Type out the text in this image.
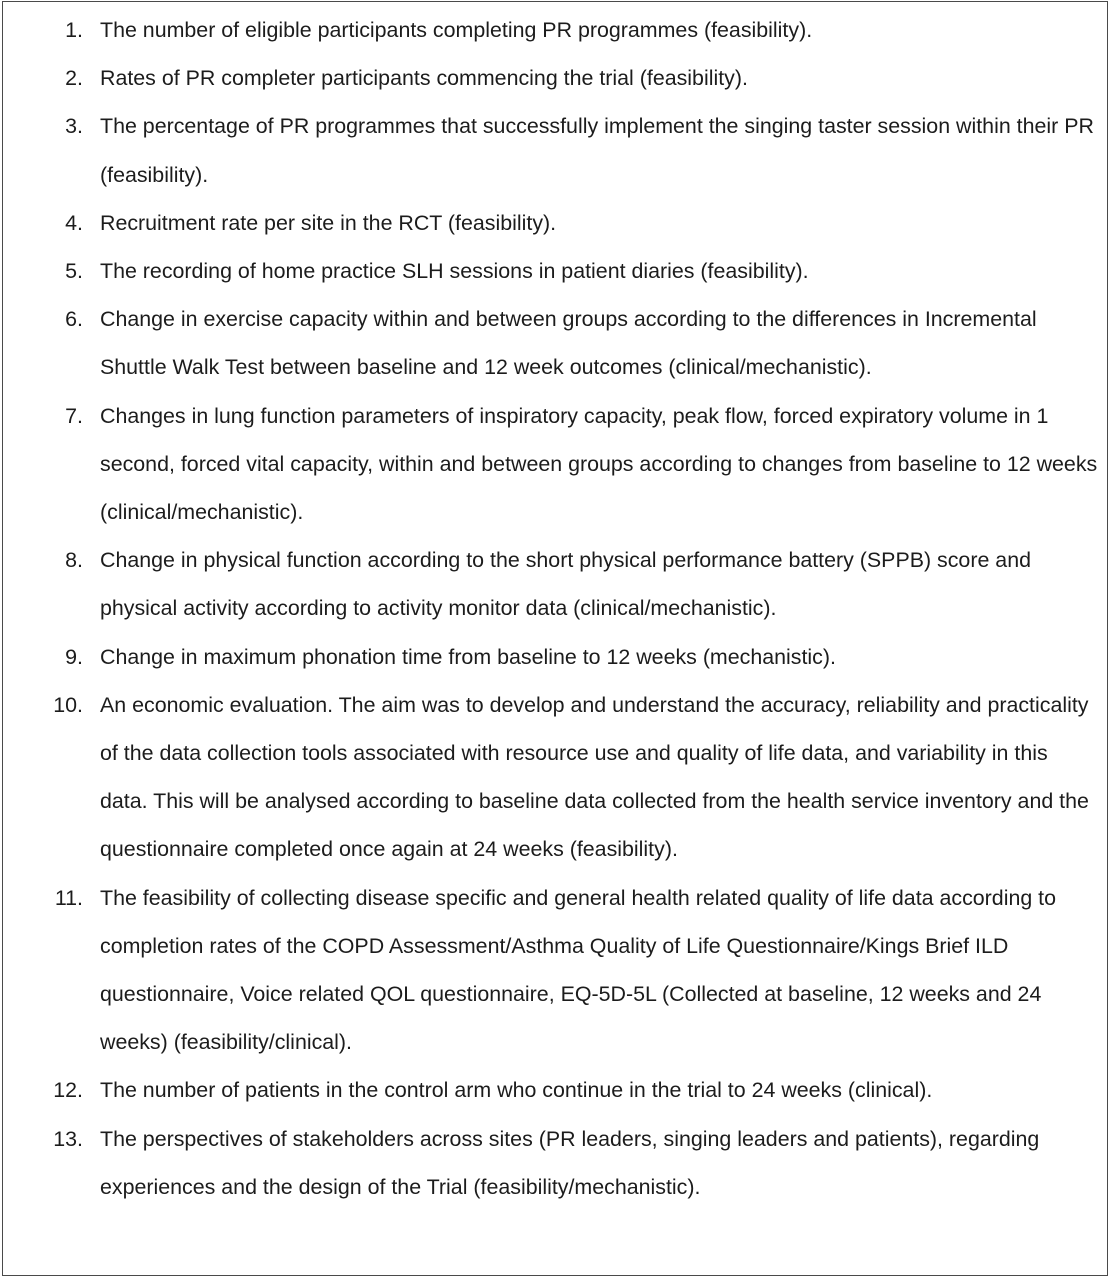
1. The number of eligible participants completing PR programmes (feasibility).
2. Rates of PR completer participants commencing the trial (feasibility).
3. The percentage of PR programmes that successfully implement the singing taster session within their PR (feasibility).
4. Recruitment rate per site in the RCT (feasibility).
5. The recording of home practice SLH sessions in patient diaries (feasibility).
6. Change in exercise capacity within and between groups according to the differences in Incremental Shuttle Walk Test between baseline and 12 week outcomes (clinical/mechanistic).
7. Changes in lung function parameters of inspiratory capacity, peak flow, forced expiratory volume in 1 second, forced vital capacity, within and between groups according to changes from baseline to 12 weeks (clinical/mechanistic).
8. Change in physical function according to the short physical performance battery (SPPB) score and physical activity according to activity monitor data (clinical/mechanistic).
9. Change in maximum phonation time from baseline to 12 weeks (mechanistic).
10. An economic evaluation. The aim was to develop and understand the accuracy, reliability and practicality of the data collection tools associated with resource use and quality of life data, and variability in this data. This will be analysed according to baseline data collected from the health service inventory and the questionnaire completed once again at 24 weeks (feasibility).
11. The feasibility of collecting disease specific and general health related quality of life data according to completion rates of the COPD Assessment/Asthma Quality of Life Questionnaire/Kings Brief ILD questionnaire, Voice related QOL questionnaire, EQ-5D-5L (Collected at baseline, 12 weeks and 24 weeks) (feasibility/clinical).
12. The number of patients in the control arm who continue in the trial to 24 weeks (clinical).
13. The perspectives of stakeholders across sites (PR leaders, singing leaders and patients), regarding experiences and the design of the Trial (feasibility/mechanistic).
